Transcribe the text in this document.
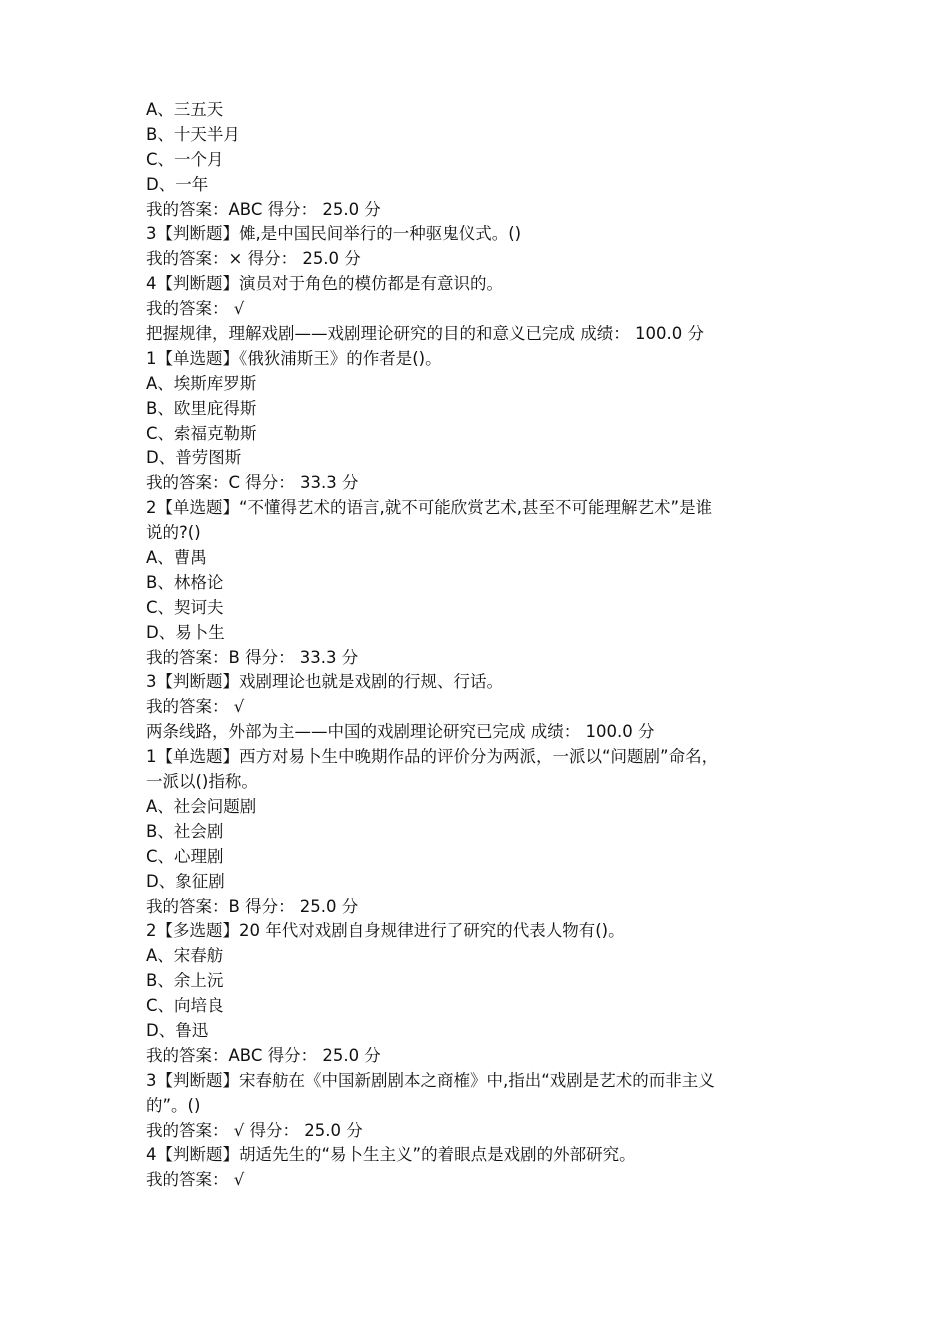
A、三五天
B、十天半月
C、一个月
D、一年
我的答案：ABC 得分： 25.0 分
3【判断题】傩,是中国民间举行的一种驱鬼仪式。()
我的答案：× 得分： 25.0 分
4【判断题】演员对于角色的模仿都是有意识的。
我的答案： √
把握规律，理解戏剧——戏剧理论研究的目的和意义已完成 成绩： 100.0 分
1【单选题】《俄狄浦斯王》的作者是()。
A、埃斯库罗斯
B、欧里庇得斯
C、索福克勒斯
D、普劳图斯
我的答案：C 得分： 33.3 分
2【单选题】“不懂得艺术的语言,就不可能欣赏艺术,甚至不可能理解艺术”是谁
说的?()
A、曹禺
B、林格论
C、契诃夫
D、易卜生
我的答案：B 得分： 33.3 分
3【判断题】戏剧理论也就是戏剧的行规、行话。
我的答案： √
两条线路，外部为主——中国的戏剧理论研究已完成 成绩： 100.0 分
1【单选题】西方对易卜生中晚期作品的评价分为两派，一派以“问题剧”命名，
一派以()指称。
A、社会问题剧
B、社会剧
C、心理剧
D、象征剧
我的答案：B 得分： 25.0 分
2【多选题】20 年代对戏剧自身规律进行了研究的代表人物有()。
A、宋春舫
B、余上沅
C、向培良
D、鲁迅
我的答案：ABC 得分： 25.0 分
3【判断题】宋春舫在《中国新剧剧本之商榷》中,指出“戏剧是艺术的而非主义
的”。()
我的答案： √ 得分： 25.0 分
4【判断题】胡适先生的“易卜生主义”的着眼点是戏剧的外部研究。
我的答案： √
